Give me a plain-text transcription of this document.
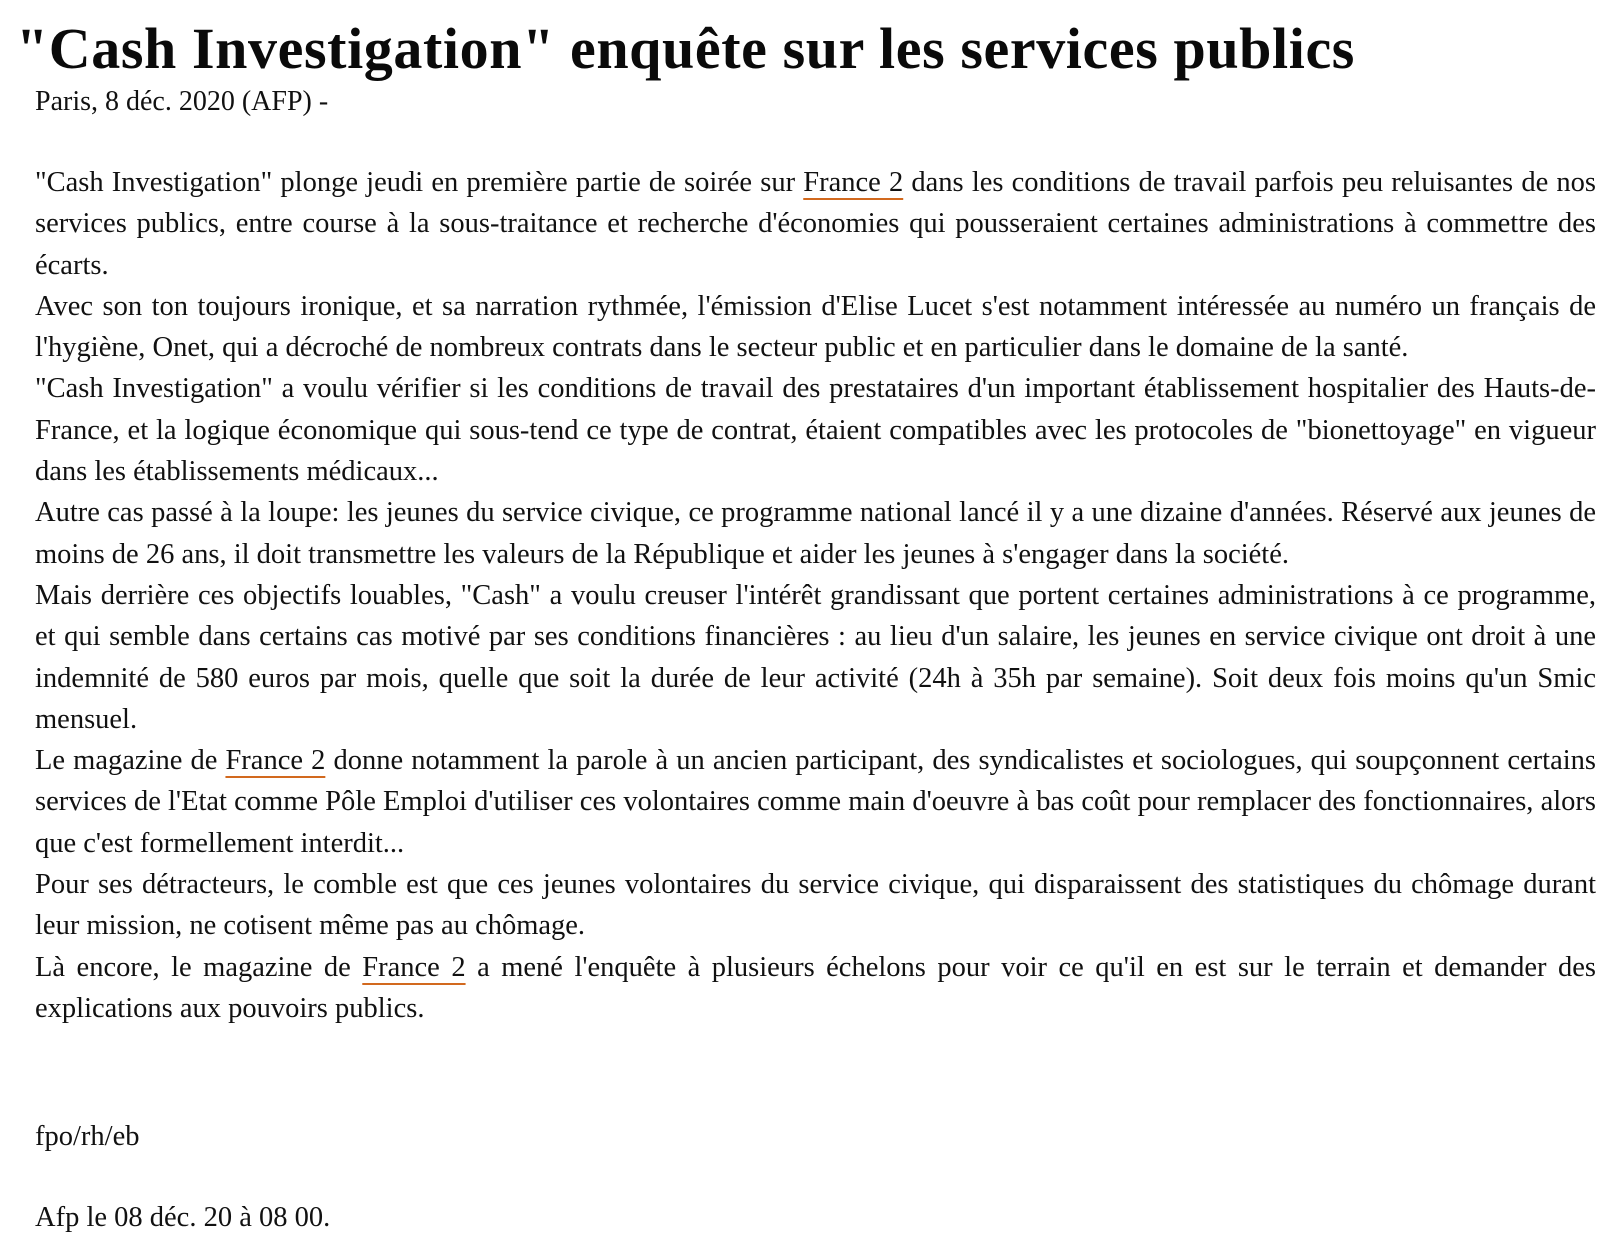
"Cash Investigation" enquête sur les services publics
Paris, 8 déc. 2020 (AFP) -

"Cash Investigation" plonge jeudi en première partie de soirée sur France 2 dans les conditions de travail parfois peu reluisantes de nos services publics, entre course à la sous-traitance et recherche d'économies qui pousseraient certaines administrations à commettre des écarts.

Avec son ton toujours ironique, et sa narration rythmée, l'émission d'Elise Lucet s'est notamment intéressée au numéro un français de l'hygiène, Onet, qui a décroché de nombreux contrats dans le secteur public et en particulier dans le domaine de la santé.

"Cash Investigation" a voulu vérifier si les conditions de travail des prestataires d'un important établissement hospitalier des Hauts-de-France, et la logique économique qui sous-tend ce type de contrat, étaient compatibles avec les protocoles de "bionettoyage" en vigueur dans les établissements médicaux...

Autre cas passé à la loupe: les jeunes du service civique, ce programme national lancé il y a une dizaine d'années. Réservé aux jeunes de moins de 26 ans, il doit transmettre les valeurs de la République et aider les jeunes à s'engager dans la société.

Mais derrière ces objectifs louables, "Cash" a voulu creuser l'intérêt grandissant que portent certaines administrations à ce programme, et qui semble dans certains cas motivé par ses conditions financières : au lieu d'un salaire, les jeunes en service civique ont droit à une indemnité de 580 euros par mois, quelle que soit la durée de leur activité (24h à 35h par semaine). Soit deux fois moins qu'un Smic mensuel.

Le magazine de France 2 donne notamment la parole à un ancien participant, des syndicalistes et sociologues, qui soupçonnent certains services de l'Etat comme Pôle Emploi d'utiliser ces volontaires comme main d'oeuvre à bas coût pour remplacer des fonctionnaires, alors que c'est formellement interdit...

Pour ses détracteurs, le comble est que ces jeunes volontaires du service civique, qui disparaissent des statistiques du chômage durant leur mission, ne cotisent même pas au chômage.

Là encore, le magazine de France 2 a mené l'enquête à plusieurs échelons pour voir ce qu'il en est sur le terrain et demander des explications aux pouvoirs publics.

fpo/rh/eb
Afp le 08 déc. 20 à 08 00.
